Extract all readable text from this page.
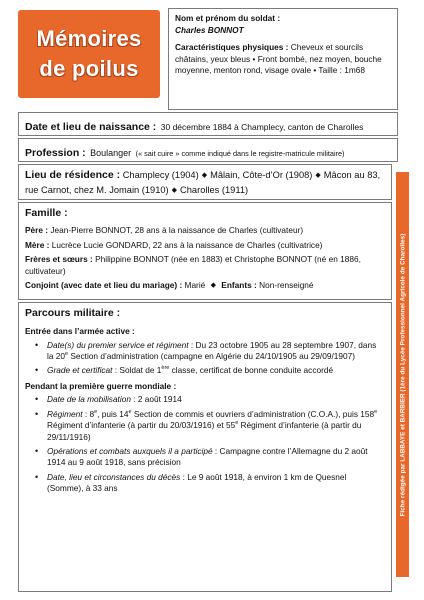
Mémoires
de poilus
Nom et prénom du soldat :
Charles BONNOT
Caractéristiques physiques : Cheveux et sourcils châtains, yeux bleus • Front bombé, nez moyen, bouche moyenne, menton rond, visage ovale • Taille : 1m68
Date et lieu de naissance : 30 décembre 1884 à Champlecy, canton de Charolles
Profession : Boulanger (« sait cuire » comme indiqué dans le registre-matricule militaire)
Lieu de résidence : Champlecy (1904) ◆ Mâlain, Côte-d’Or (1908) ◆ Mâcon au 83, rue Carnot, chez M. Jomain (1910) ◆ Charolles (1911)
Famille :
Père : Jean-Pierre BONNOT, 28 ans à la naissance de Charles (cultivateur)
Mère : Lucrèce Lucie GONDARD, 22 ans à la naissance de Charles (cultivatrice)
Frères et sœurs : Philippine BONNOT (née en 1883) et Christophe BONNOT (né en 1886, cultivateur)
Conjoint (avec date et lieu du mariage) : Marié ◆ Enfants : Non-renseigné
Parcours militaire :
Entrée dans l’armée active :
• Date(s) du premier service et régiment : Du 23 octobre 1905 au 28 septembre 1907, dans la 20e Section d’administration (campagne en Algérie du 24/10/1905 au 29/09/1907)
• Grade et certificat : Soldat de 1ère classe, certificat de bonne conduite accordé
Pendant la première guerre mondiale :
• Date de la mobilisation : 2 août 1914
• Régiment : 8e, puis 14e Section de commis et ouvriers d’administration (C.O.A.), puis 158e Régiment d’infanterie (à partir du 20/03/1916) et 55e Régiment d’infanterie (à partir du 29/11/1916)
• Opérations et combats auxquels il a participé : Campagne contre l’Allemagne du 2 août 1914 au 9 août 1918, sans précision
• Date, lieu et circonstances du décès : Le 9 août 1918, à environ 1 km de Quesnel (Somme), à 33 ans	Fiche rédigée par LABBAYE et BARBIER (1ère du Lycée Professionnel Agricole de Charolles)
